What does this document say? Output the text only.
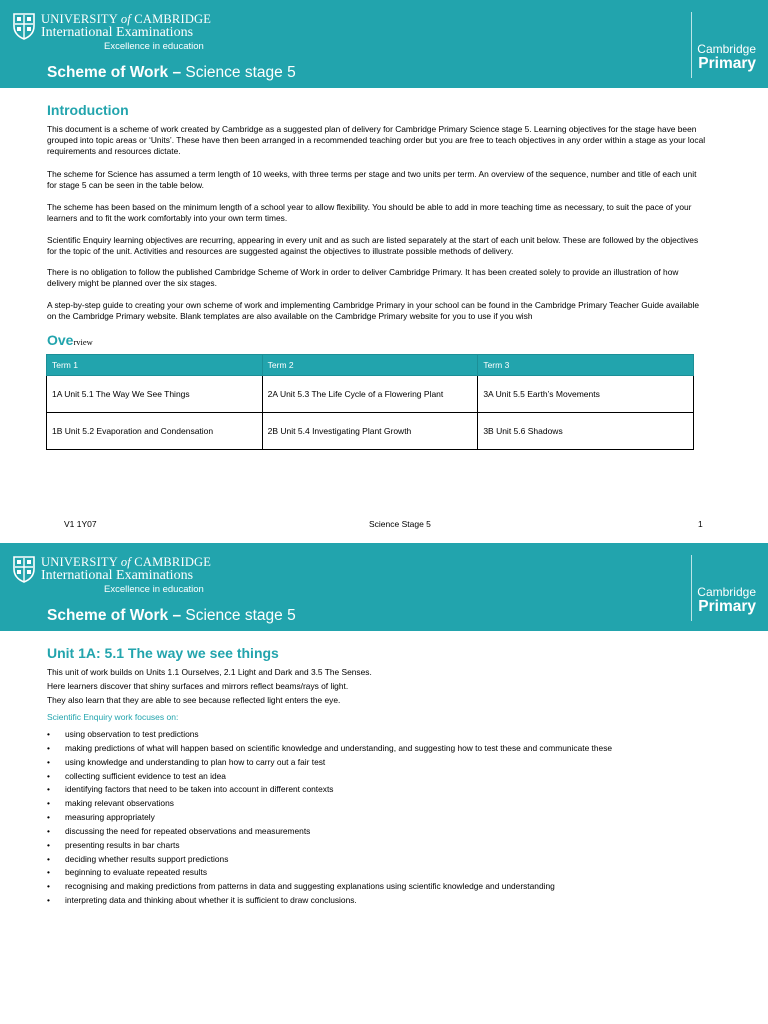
UNIVERSITY of CAMBRIDGE
International Examinations
Excellence in education	Cambridge
Primary
Scheme of Work – Science stage 5
Introduction
This document is a scheme of work created by Cambridge as a suggested plan of delivery for Cambridge Primary Science stage 5. Learning objectives for the stage have been grouped into topic areas or ‘Units’. These have then been arranged in a recommended teaching order but you are free to teach objectives in any order within a stage as your local requirements and resources dictate.
The scheme for Science has assumed a term length of 10 weeks, with three terms per stage and two units per term. An overview of the sequence, number and title of each unit for stage 5 can be seen in the table below.
The scheme has been based on the minimum length of a school year to allow flexibility. You should be able to add in more teaching time as necessary, to suit the pace of your learners and to fit the work comfortably into your own term times.
Scientific Enquiry learning objectives are recurring, appearing in every unit and as such are listed separately at the start of each unit below. These are followed by the objectives for the topic of the unit. Activities and resources are suggested against the objectives to illustrate possible methods of delivery.
There is no obligation to follow the published Cambridge Scheme of Work in order to deliver Cambridge Primary. It has been created solely to provide an illustration of how delivery might be planned over the six stages.
A step-by-step guide to creating your own scheme of work and implementing Cambridge Primary in your school can be found in the Cambridge Primary Teacher Guide available on the Cambridge Primary website. Blank templates are also available on the Cambridge Primary website for you to use if you wish
Overview
Term 1	Term 2	Term 3
1A Unit 5.1 The Way We See Things	2A Unit 5.3 The Life Cycle of a Flowering Plant	3A Unit 5.5 Earth’s Movements
1B Unit 5.2 Evaporation and Condensation	2B Unit 5.4 Investigating Plant Growth	3B Unit 5.6 Shadows
V1 1Y07	Science Stage 5	1
UNIVERSITY of CAMBRIDGE
International Examinations
Excellence in education	Cambridge
Primary
Scheme of Work – Science stage 5
Unit 1A: 5.1 The way we see things
This unit of work builds on Units 1.1 Ourselves, 2.1 Light and Dark and 3.5 The Senses.
Here learners discover that shiny surfaces and mirrors reflect beams/rays of light.
They also learn that they are able to see because reflected light enters the eye.
Scientific Enquiry work focuses on:
• using observation to test predictions
• making predictions of what will happen based on scientific knowledge and understanding, and suggesting how to test these and communicate these
• using knowledge and understanding to plan how to carry out a fair test
• collecting sufficient evidence to test an idea
• identifying factors that need to be taken into account in different contexts
• making relevant observations
• measuring appropriately
• discussing the need for repeated observations and measurements
• presenting results in bar charts
• deciding whether results support predictions
• beginning to evaluate repeated results
• recognising and making predictions from patterns in data and suggesting explanations using scientific knowledge and understanding
• interpreting data and thinking about whether it is sufficient to draw conclusions.
